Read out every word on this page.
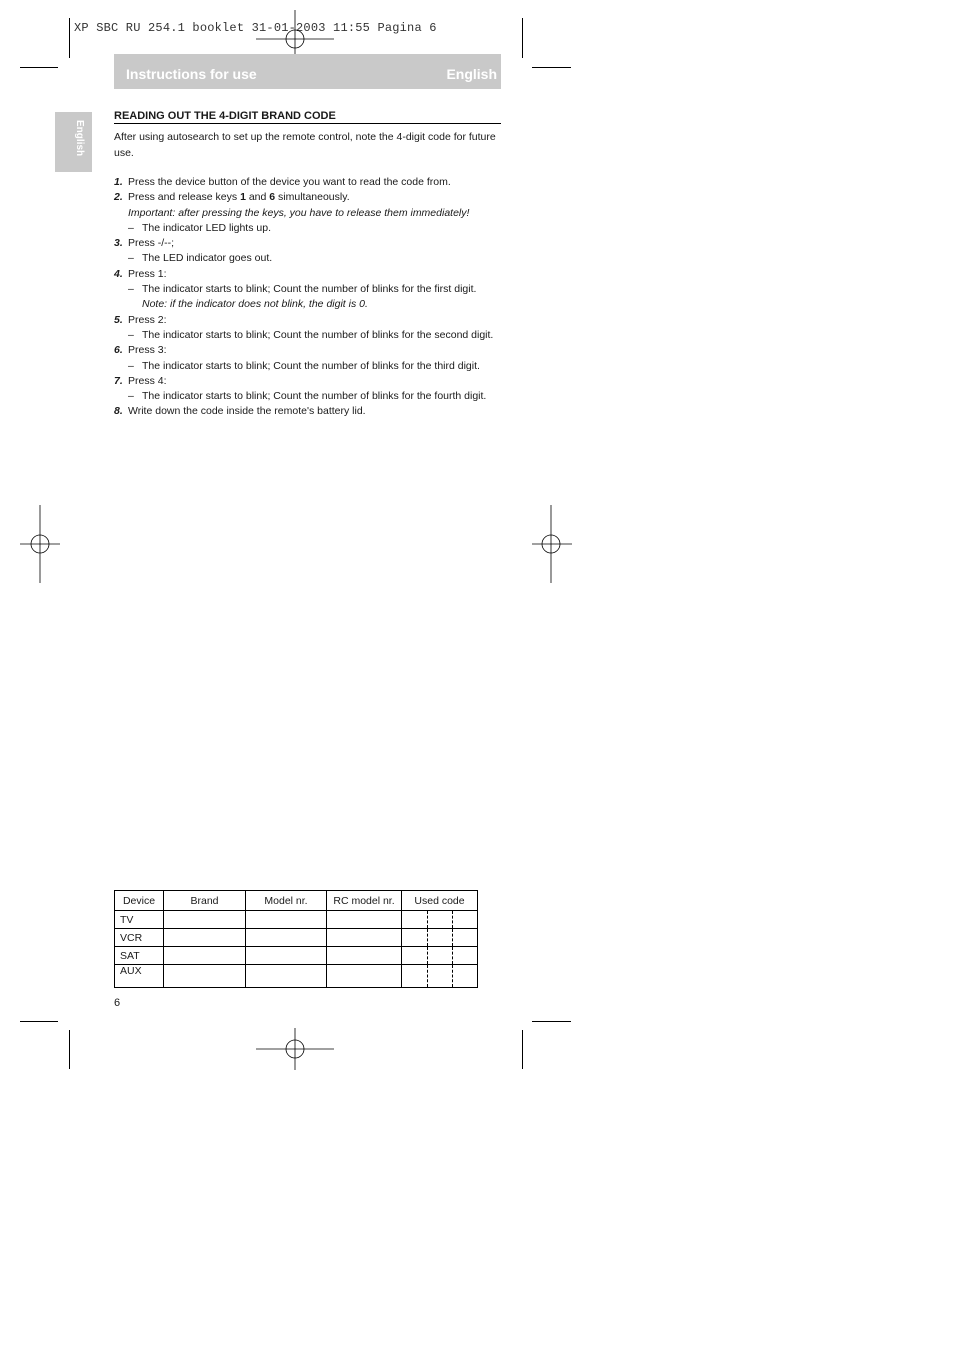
XP SBC RU 254.1 booklet 31-01-2003 11:55 Pagina 6
Instructions for use	English
English
READING OUT THE 4-DIGIT BRAND CODE
After using autosearch to set up the remote control, note the 4-digit code for future use.
1. Press the device button of the device you want to read the code from.
2. Press and release keys 1 and 6 simultaneously.
Important: after pressing the keys, you have to release them immediately!
– The indicator LED lights up.
3. Press -/--;
– The LED indicator goes out.
4. Press 1:
– The indicator starts to blink; Count the number of blinks for the first digit.
Note: if the indicator does not blink, the digit is 0.
5. Press 2:
– The indicator starts to blink; Count the number of blinks for the second digit.
6. Press 3:
– The indicator starts to blink; Count the number of blinks for the third digit.
7. Press 4:
– The indicator starts to blink; Count the number of blinks for the fourth digit.
8. Write down the code inside the remote's battery lid.
Device	Brand	Model nr.	RC model nr.	Used code
TV				

VCR				

SAT				

AUX				
6
